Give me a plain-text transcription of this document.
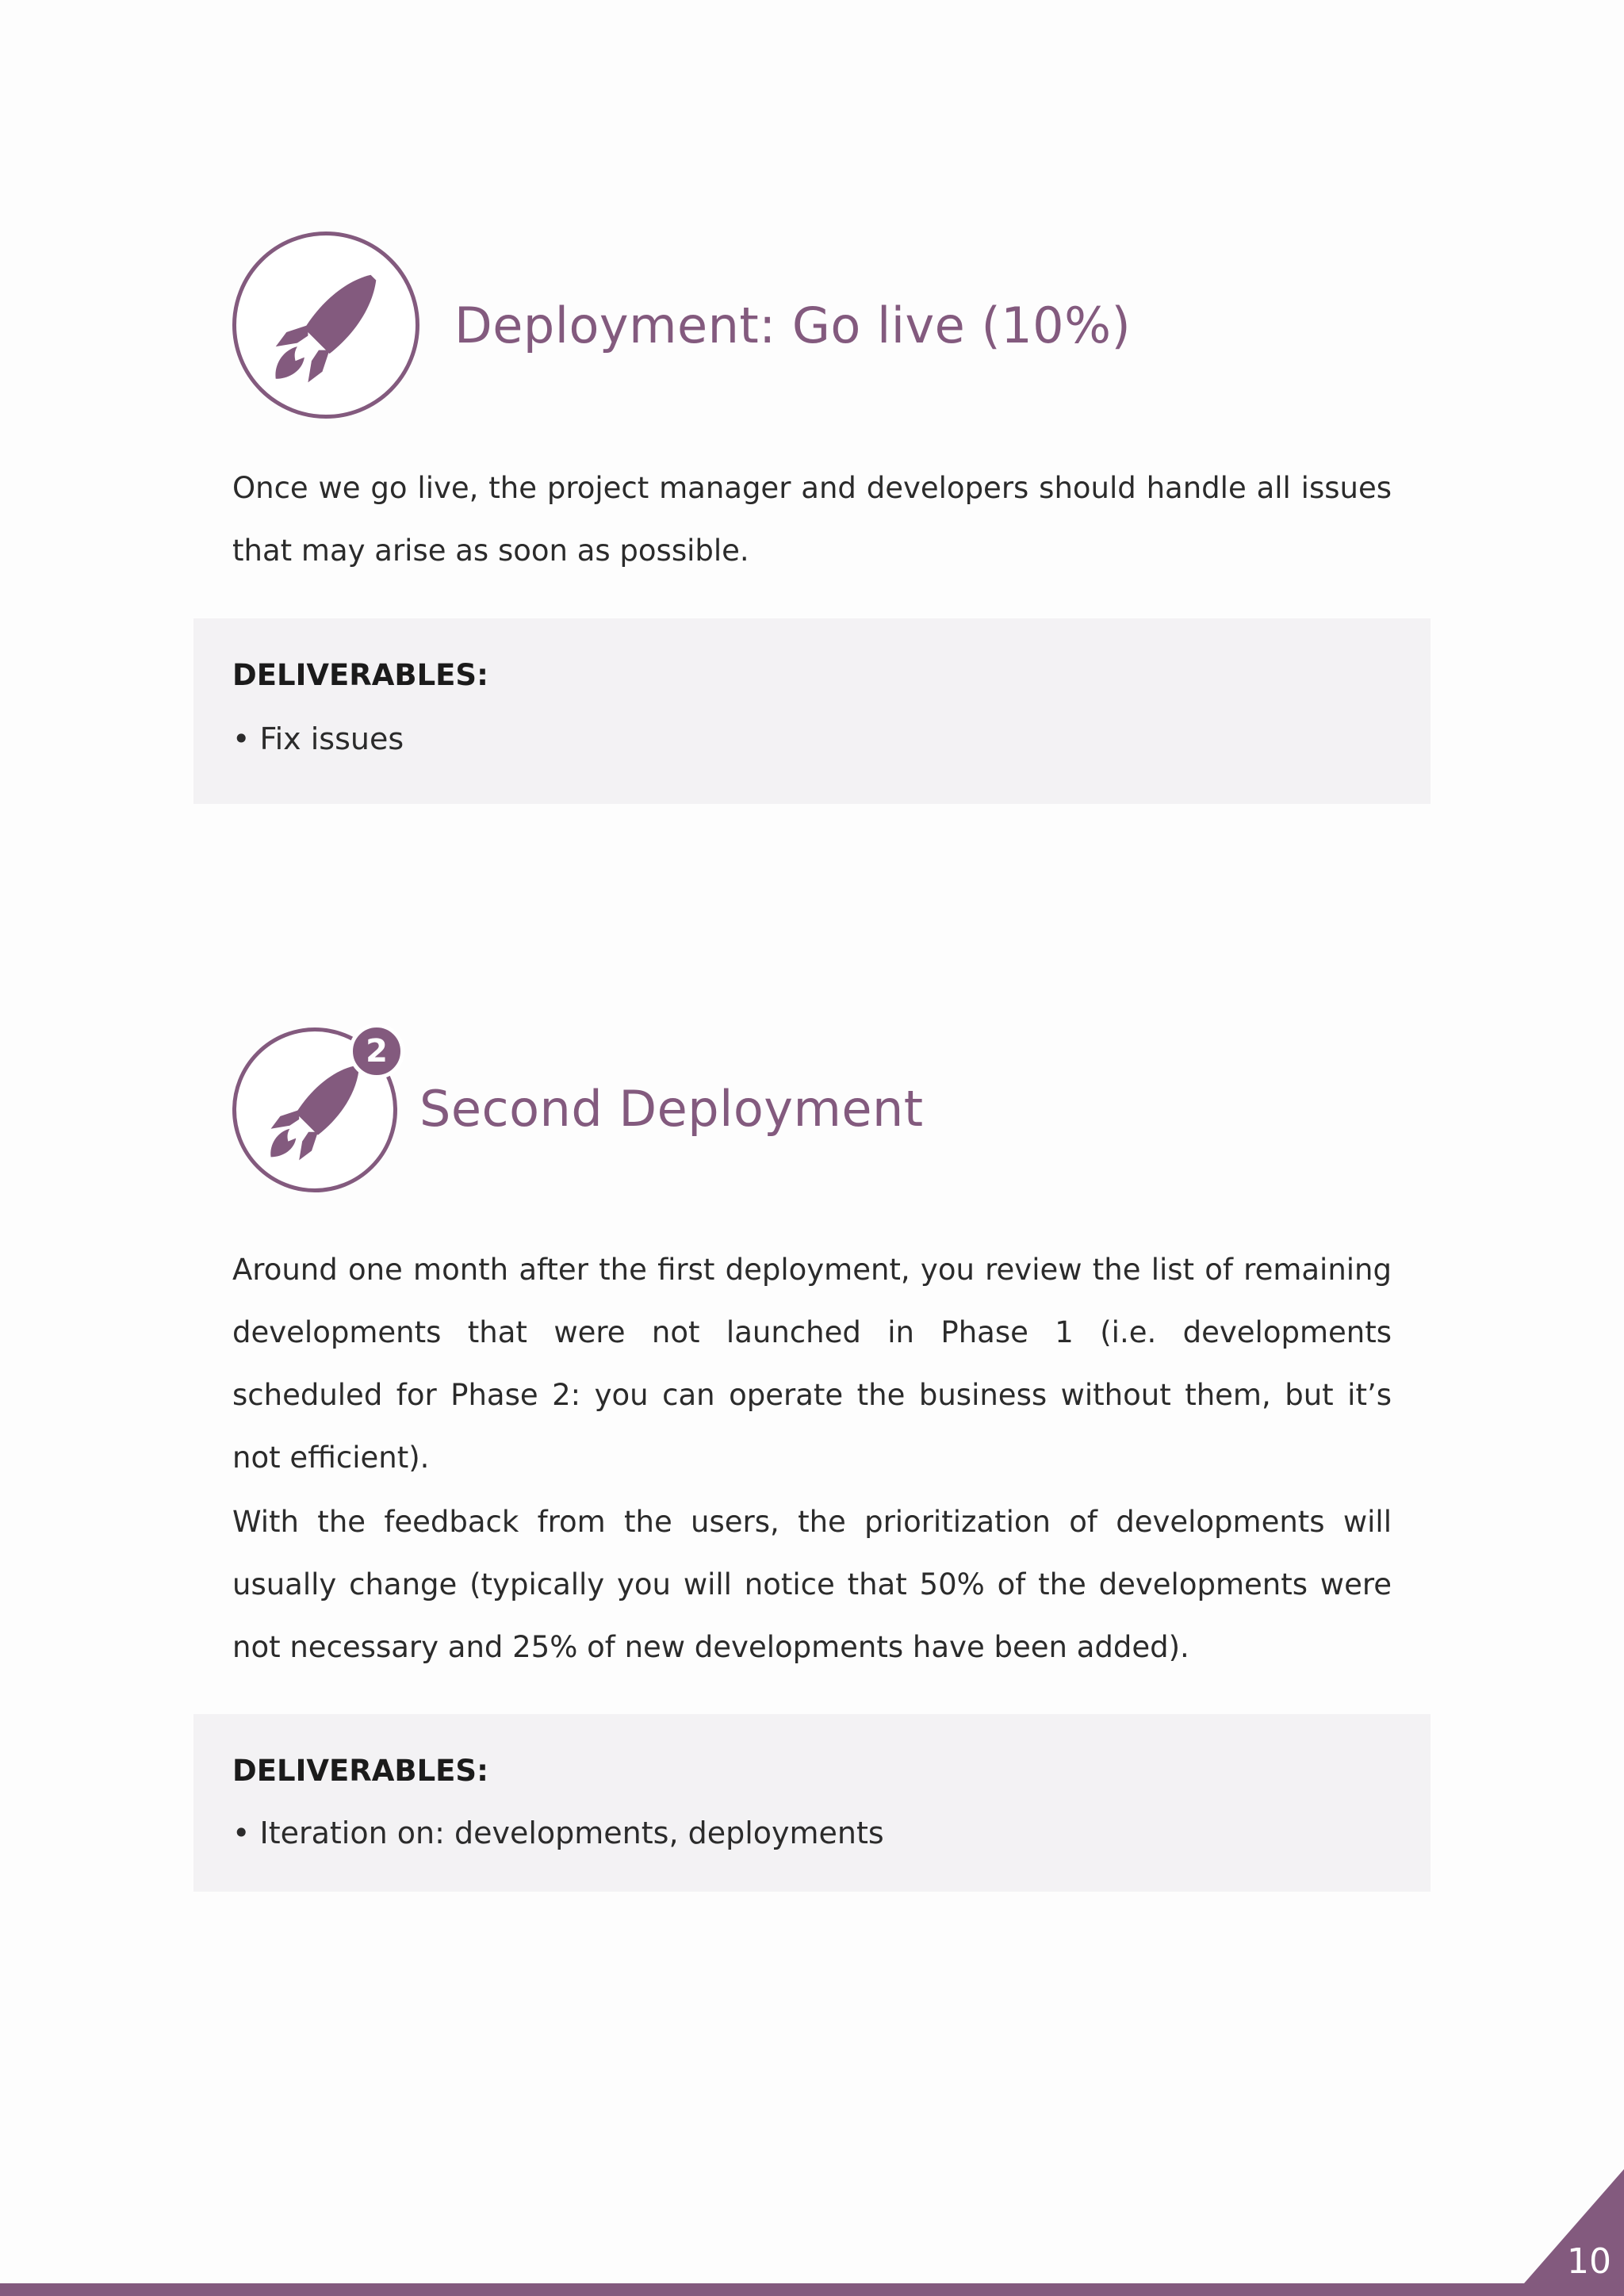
Deployment: Go live (10%)

Once we go live, the project manager and developers should handle all issues that may arise as soon as possible.

DELIVERABLES:

• Fix issues

2
Second Deployment

Around one month after the first deployment, you review the list of remaining developments that were not launched in Phase 1 (i.e. developments scheduled for Phase 2: you can operate the business without them, but it’s not efficient).

With the feedback from the users, the prioritization of developments will usually change (typically you will notice that 50% of the developments were not necessary and 25% of new developments have been added).

DELIVERABLES:

• Iteration on: developments, deployments

10
